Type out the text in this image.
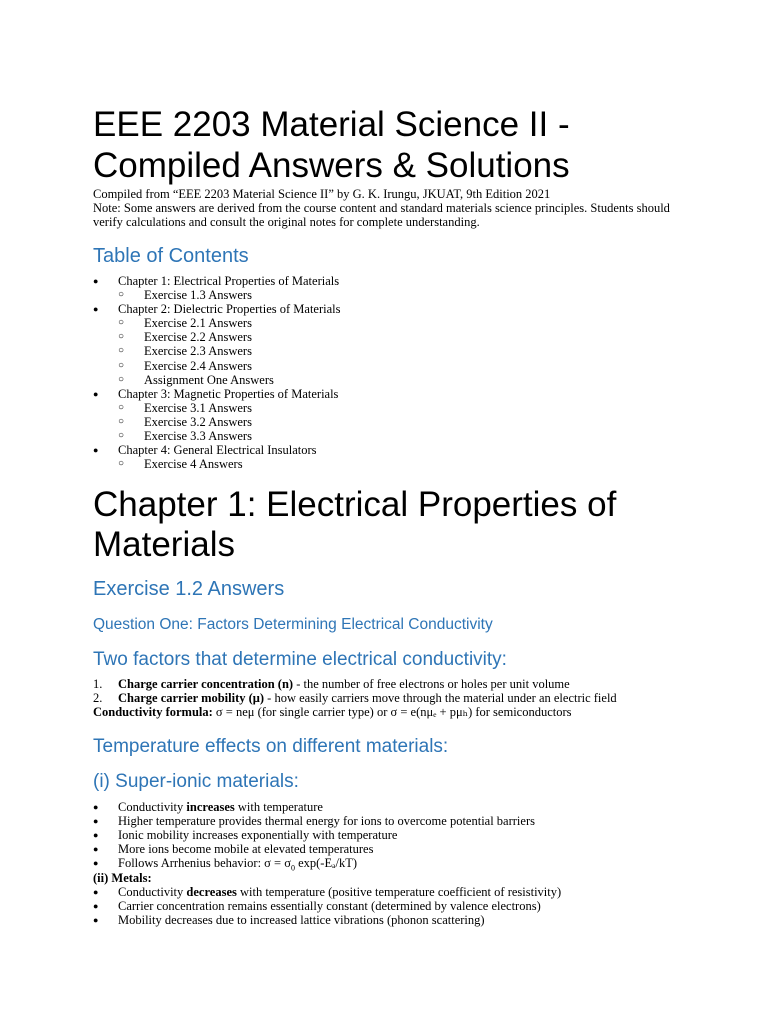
EEE 2203 Material Science II - Compiled Answers & Solutions
Compiled from “EEE 2203 Material Science II” by G. K. Irungu, JKUAT, 9th Edition 2021
Note: Some answers are derived from the course content and standard materials science principles. Students should verify calculations and consult the original notes for complete understanding.
Table of Contents
● Chapter 1: Electrical Properties of Materials
○ Exercise 1.3 Answers
● Chapter 2: Dielectric Properties of Materials
○ Exercise 2.1 Answers
○ Exercise 2.2 Answers
○ Exercise 2.3 Answers
○ Exercise 2.4 Answers
○ Assignment One Answers
● Chapter 3: Magnetic Properties of Materials
○ Exercise 3.1 Answers
○ Exercise 3.2 Answers
○ Exercise 3.3 Answers
● Chapter 4: General Electrical Insulators
○ Exercise 4 Answers
Chapter 1: Electrical Properties of Materials
Exercise 1.2 Answers
Question One: Factors Determining Electrical Conductivity
Two factors that determine electrical conductivity:
1. Charge carrier concentration (n) - the number of free electrons or holes per unit volume
2. Charge carrier mobility (μ) - how easily carriers move through the material under an electric field
Conductivity formula: σ = neμ (for single carrier type) or σ = e(nμₑ + pμₕ) for semiconductors
Temperature effects on different materials:
(i) Super-ionic materials:
● Conductivity increases with temperature
● Higher temperature provides thermal energy for ions to overcome potential barriers
● Ionic mobility increases exponentially with temperature
● More ions become mobile at elevated temperatures
● Follows Arrhenius behavior: $\sigma = \sigma_0$ exp(-Eₐ/kT)
(ii) Metals:
● Conductivity decreases with temperature (positive temperature coefficient of resistivity)
● Carrier concentration remains essentially constant (determined by valence electrons)
● Mobility decreases due to increased lattice vibrations (phonon scattering)
